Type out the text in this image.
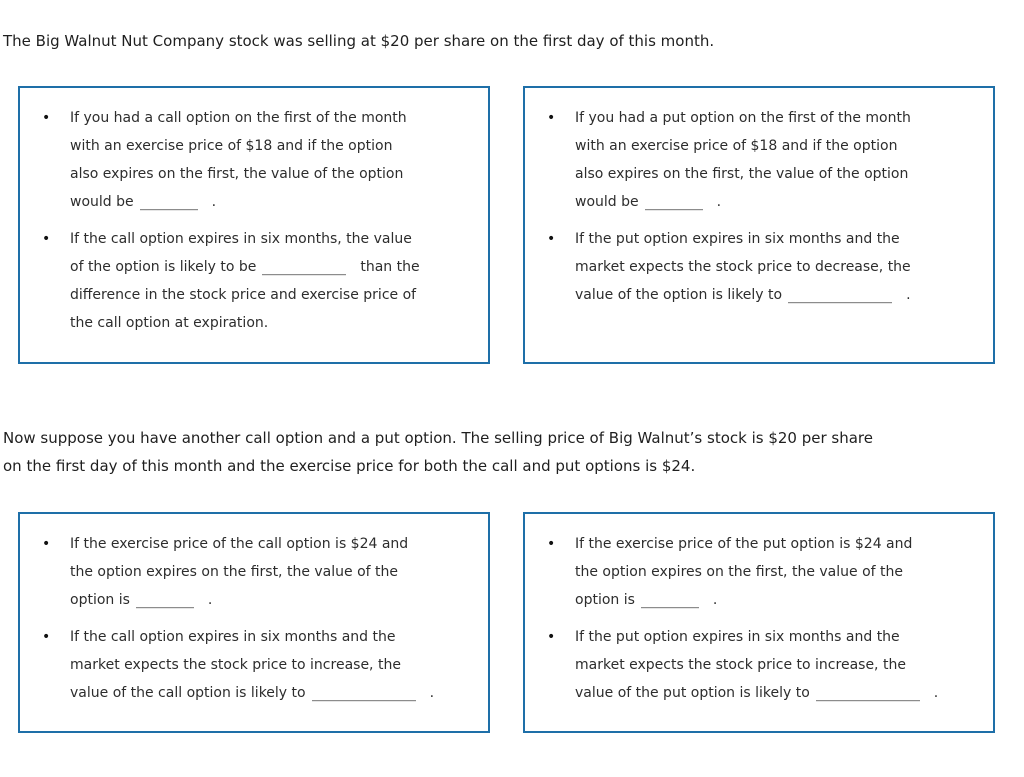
The Big Walnut Nut Company stock was selling at $20 per share on the first day of this month.

• If you had a call option on the first of the month
with an exercise price of $18 and if the option
also expires on the first, the value of the option
would be	.
• If the call option expires in six months, the value
of the option is likely to be	than the
difference in the stock price and exercise price of
the call option at expiration.
• If you had a put option on the first of the month
with an exercise price of $18 and if the option
also expires on the first, the value of the option
would be	.
• If the put option expires in six months and the
market expects the stock price to decrease, the
value of the option is likely to	.

Now suppose you have another call option and a put option. The selling price of Big Walnut’s stock is $20 per share
on the first day of this month and the exercise price for both the call and put options is $24.

• If the exercise price of the call option is $24 and
the option expires on the first, the value of the
option is	.
• If the call option expires in six months and the
market expects the stock price to increase, the
value of the call option is likely to	.
• If the exercise price of the put option is $24 and
the option expires on the first, the value of the
option is	.
• If the put option expires in six months and the
market expects the stock price to increase, the
value of the put option is likely to	.
